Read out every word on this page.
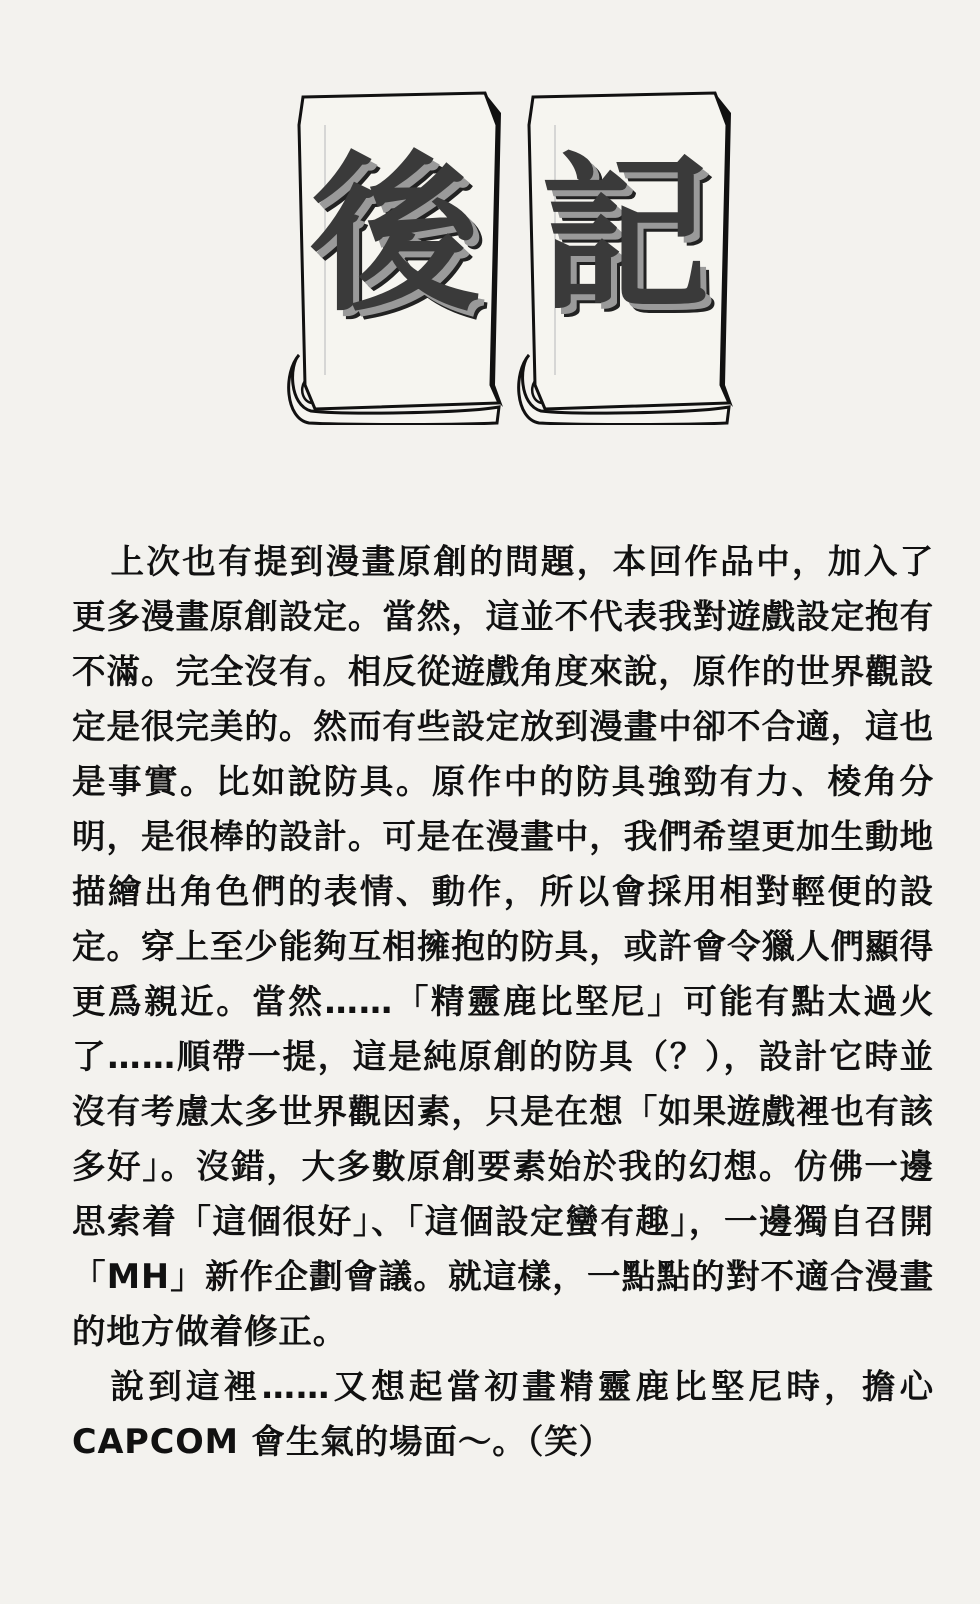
後 記

上次也有提到漫畫原創的問題，本回作品中，加入了更多漫畫原創設定。當然，這並不代表我對遊戲設定抱有不滿。完全沒有。相反從遊戲角度來說，原作的世界觀設定是很完美的。然而有些設定放到漫畫中卻不合適，這也是事實。比如說防具。原作中的防具強勁有力、棱角分明，是很棒的設計。可是在漫畫中，我們希望更加生動地描繪出角色們的表情、動作，所以會採用相對輕便的設定。穿上至少能夠互相擁抱的防具，或許會令獵人們顯得更爲親近。當然……「精靈鹿比堅尼」可能有點太過火了……順帶一提，這是純原創的防具（？），設計它時並沒有考慮太多世界觀因素，只是在想「如果遊戲裡也有該多好」。沒錯，大多數原創要素始於我的幻想。仿佛一邊思索着「這個很好」、「這個設定蠻有趣」，一邊獨自召開「MH」新作企劃會議。就這樣，一點點的對不適合漫畫的地方做着修正。

說到這裡……又想起當初畫精靈鹿比堅尼時，擔心CAPCOM 會生氣的場面～。（笑）
